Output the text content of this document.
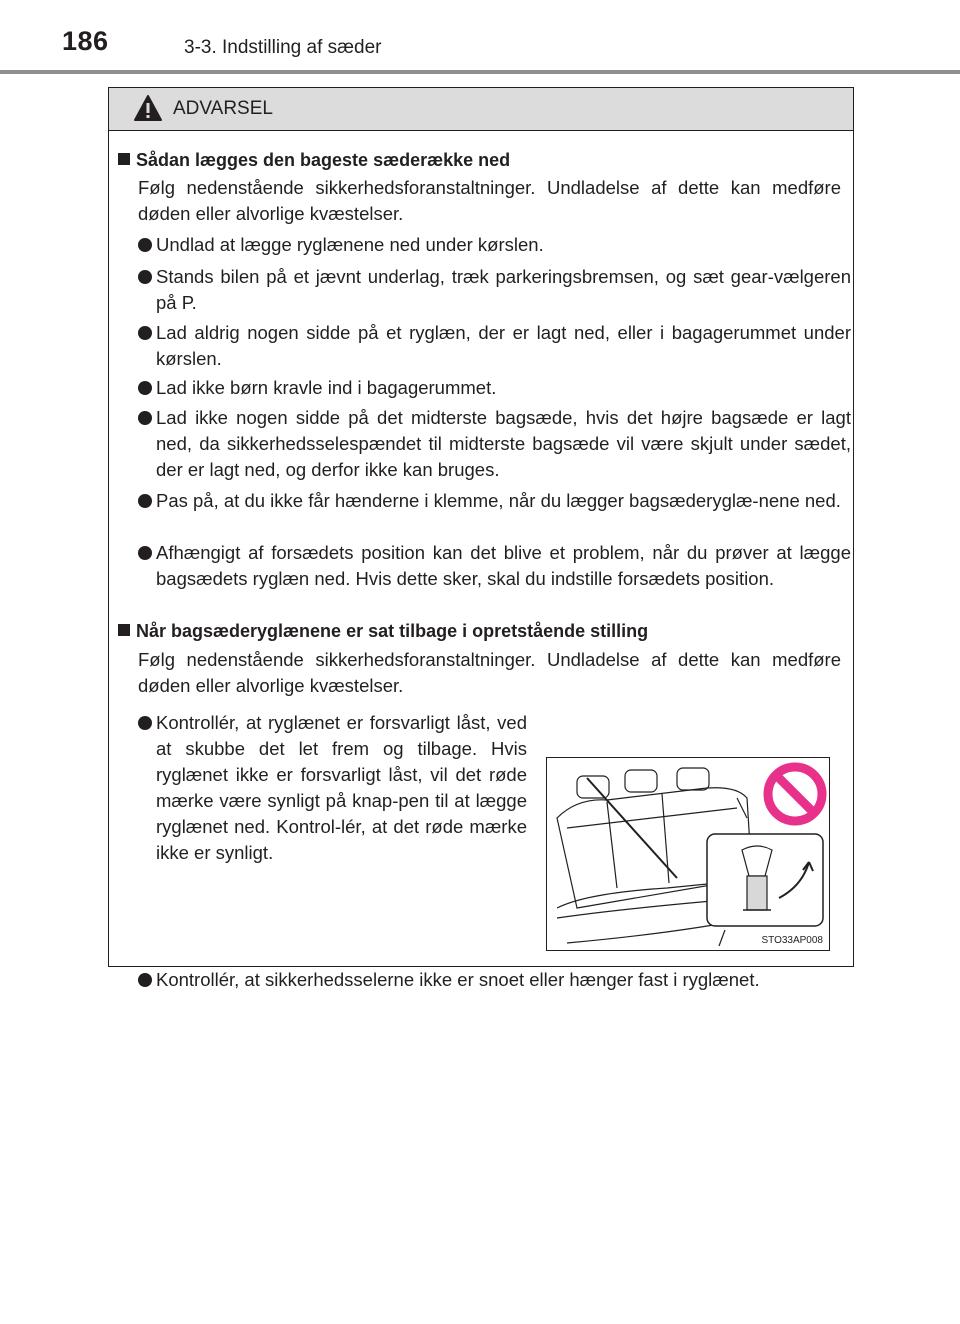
186	3-3. Indstilling af sæder
ADVARSEL
Sådan lægges den bageste sæderække ned
Følg nedenstående sikkerhedsforanstaltninger. Undladelse af dette kan medføre døden eller alvorlige kvæstelser.
Undlad at lægge ryglænene ned under kørslen.
Stands bilen på et jævnt underlag, træk parkeringsbremsen, og sæt gear-vælgeren på P.
Lad aldrig nogen sidde på et ryglæn, der er lagt ned, eller i bagagerummet under kørslen.
Lad ikke børn kravle ind i bagagerummet.
Lad ikke nogen sidde på det midterste bagsæde, hvis det højre bagsæde er lagt ned, da sikkerhedsselespændet til midterste bagsæde vil være skjult under sædet, der er lagt ned, og derfor ikke kan bruges.
Pas på, at du ikke får hænderne i klemme, når du lægger bagsæderyglæ-nene ned.
Afhængigt af forsædets position kan det blive et problem, når du prøver at lægge bagsædets ryglæn ned. Hvis dette sker, skal du indstille forsædets position.
Når bagsæderyglænene er sat tilbage i opretstående stilling
Følg nedenstående sikkerhedsforanstaltninger. Undladelse af dette kan medføre døden eller alvorlige kvæstelser.
Kontrollér, at ryglænet er forsvarligt låst, ved at skubbe det let frem og tilbage. Hvis ryglænet ikke er forsvarligt låst, vil det røde mærke være synligt på knap-pen til at lægge ryglænet ned. Kontrol-lér, at det røde mærke ikke er synligt.
STO33AP008
Kontrollér, at sikkerhedsselerne ikke er snoet eller hænger fast i ryglænet.
